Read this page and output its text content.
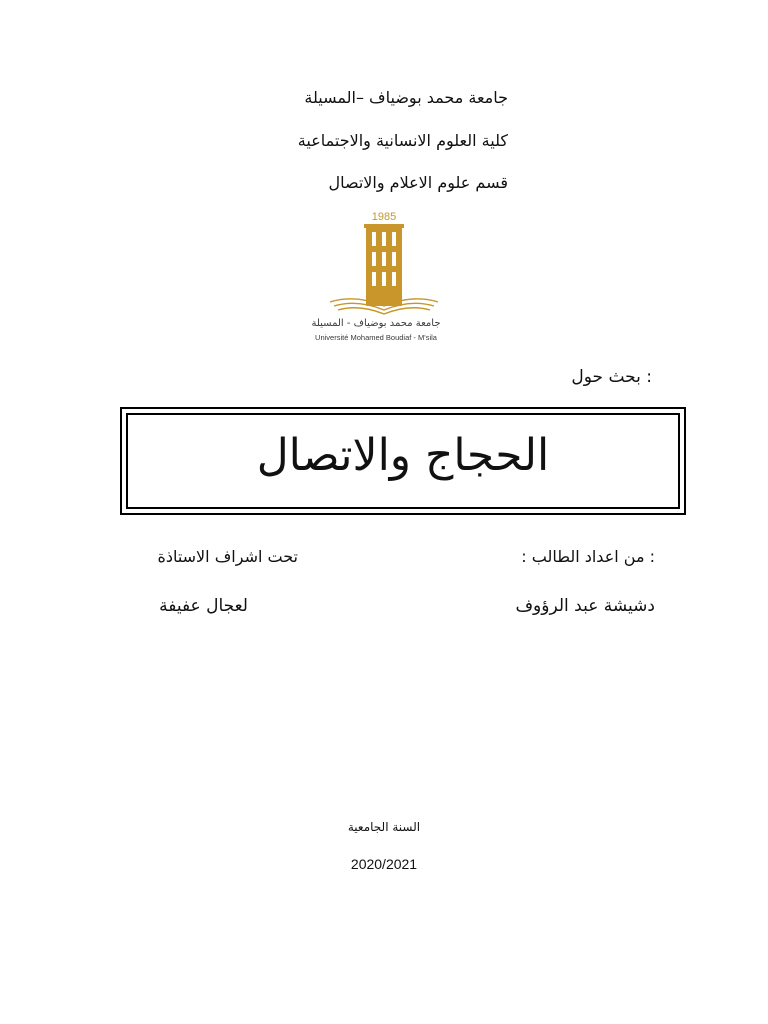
جامعة محمد بوضياف –المسيلة
كلية العلوم الانسانية والاجتماعية
قسم علوم الاعلام والاتصال
1985
جامعة محمد بوضياف - المسيلة
Université Mohamed Boudiaf - M'sila
: بحث حول
الحجاج والاتصال
: من اعداد الطالب :
تحت اشراف الاستاذة
دشيشة عبد الرؤوف
لعجال عفيفة
السنة الجامعية
2020/2021
